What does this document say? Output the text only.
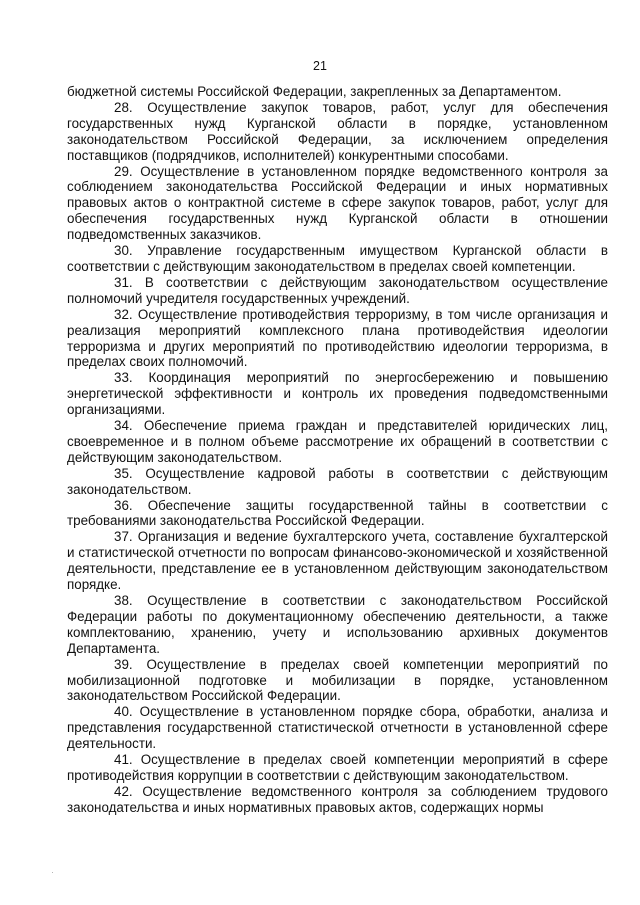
21

бюджетной системы Российской Федерации, закрепленных за Департаментом.

28. Осуществление закупок товаров, работ, услуг для обеспечения государственных нужд Курганской области в порядке, установленном законодательством Российской Федерации, за исключением определения поставщиков (подрядчиков, исполнителей) конкурентными способами.

29. Осуществление в установленном порядке ведомственного контроля за соблюдением законодательства Российской Федерации и иных нормативных правовых актов о контрактной системе в сфере закупок товаров, работ, услуг для обеспечения государственных нужд Курганской области в отношении подведомственных заказчиков.

30. Управление государственным имуществом Курганской области в соответствии с действующим законодательством в пределах своей компетенции.

31. В соответствии с действующим законодательством осуществление полномочий учредителя государственных учреждений.

32. Осуществление противодействия терроризму, в том числе организация и реализация мероприятий комплексного плана противодействия идеологии терроризма и других мероприятий по противодействию идеологии терроризма, в пределах своих полномочий.

33. Координация мероприятий по энергосбережению и повышению энергетической эффективности и контроль их проведения подведомственными организациями.

34. Обеспечение приема граждан и представителей юридических лиц, своевременное и в полном объеме рассмотрение их обращений в соответствии с действующим законодательством.

35. Осуществление кадровой работы в соответствии с действующим законодательством.

36. Обеспечение защиты государственной тайны в соответствии с требованиями законодательства Российской Федерации.

37. Организация и ведение бухгалтерского учета, составление бухгалтерской и статистической отчетности по вопросам финансово-экономической и хозяйственной деятельности, представление ее в установленном действующим законодательством порядке.

38. Осуществление в соответствии с законодательством Российской Федерации работы по документационному обеспечению деятельности, а также комплектованию, хранению, учету и использованию архивных документов Департамента.

39. Осуществление в пределах своей компетенции мероприятий по мобилизационной подготовке и мобилизации в порядке, установленном законодательством Российской Федерации.

40. Осуществление в установленном порядке сбора, обработки, анализа и представления государственной статистической отчетности в установленной сфере деятельности.

41. Осуществление в пределах своей компетенции мероприятий в сфере противодействия коррупции в соответствии с действующим законодательством.

42. Осуществление ведомственного контроля за соблюдением трудового законодательства и иных нормативных правовых актов, содержащих нормы
